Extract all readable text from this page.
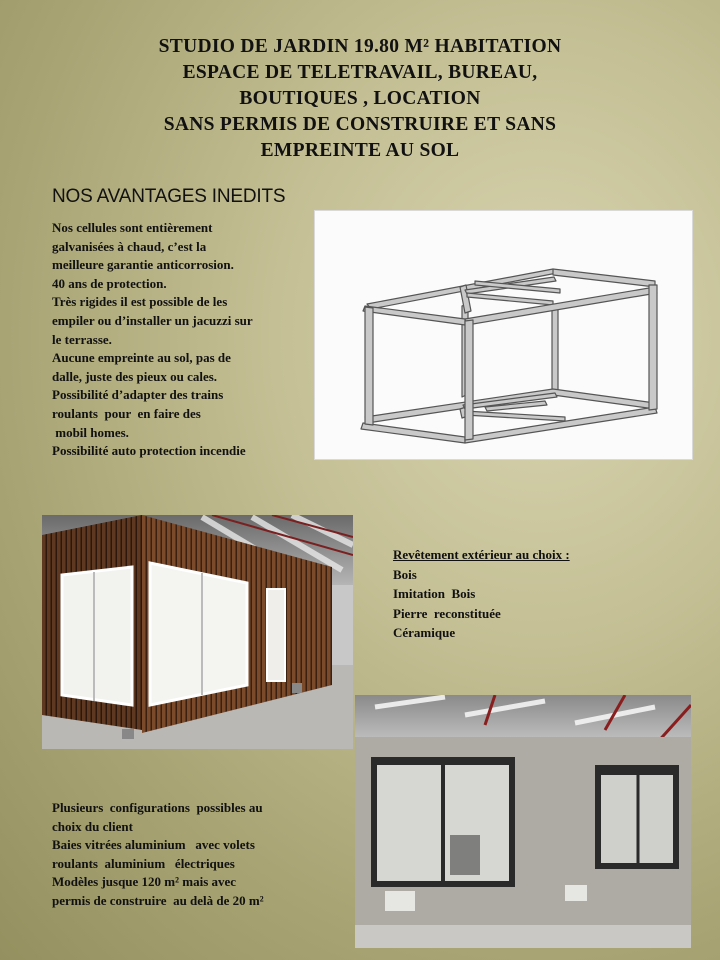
STUDIO DE JARDIN 19.80 M² HABITATION
ESPACE DE TELETRAVAIL, BUREAU,
BOUTIQUES , LOCATION
SANS PERMIS DE CONSTRUIRE ET SANS
EMPREINTE AU SOL
NOS AVANTAGES INEDITS
Nos cellules sont entièrement
galvanisées à chaud, c’est la
meilleure garantie anticorrosion.
40 ans de protection.
Très rigides il est possible de les
empiler ou d’installer un jacuzzi sur
le terrasse.
Aucune empreinte au sol, pas de
dalle, juste des pieux ou cales.
Possibilité d’adapter des trains
roulants  pour  en faire des
mobil homes.
Possibilité auto protection incendie
Revêtement extérieur au choix :
Bois
Imitation  Bois
Pierre  reconstituée
Céramique
Plusieurs  configurations  possibles au
choix du client
Baies vitrées aluminium   avec volets
roulants  aluminium   électriques
Modèles jusque 120 m² mais avec
permis de construire  au delà de 20 m²
